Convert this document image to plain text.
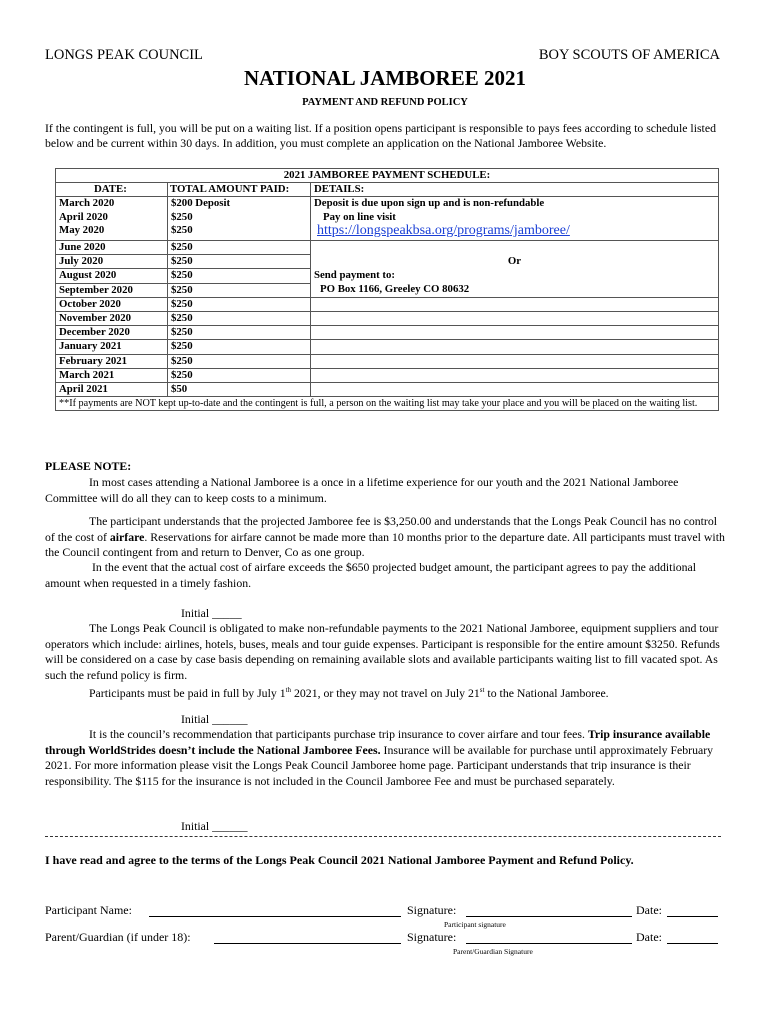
LONGS PEAK COUNCIL	BOY SCOUTS OF AMERICA
NATIONAL JAMBOREE 2021
PAYMENT AND REFUND POLICY
If the contingent is full, you will be put on a waiting list. If a position opens participant is responsible to pays fees according to schedule listed below and be current within 30 days. In addition, you must complete an application on the National Jamboree Website.
2021 JAMBOREE PAYMENT SCHEDULE:		
DATE:	TOTAL AMOUNT PAID:	DETAILS:
March 2020	$200 Deposit	Deposit is due upon sign up and is non-refundable
April 2020	$250	Pay on line visit
May 2020	$250	https://longspeakbsa.org/programs/jamboree/
June 2020	$250	
July 2020	$250	Or
August 2020	$250	Send payment to:
September 2020	$250	PO Box 1166, Greeley CO 80632
October 2020	$250	
November 2020	$250	
December 2020	$250	
January 2021	$250	
February 2021	$250	
March 2021	$250	
April 2021	$50	
**If payments are NOT kept up-to-date and the contingent is full, a person on the waiting list may take your place and you will be placed on the waiting list.		
PLEASE NOTE:
In most cases attending a National Jamboree is a once in a lifetime experience for our youth and the 2021 National Jamboree Committee will do all they can to keep costs to a minimum.
The participant understands that the projected Jamboree fee is $3,250.00 and understands that the Longs Peak Council has no control of the cost of airfare. Reservations for airfare cannot be made more than 10 months prior to the departure date. All participants must travel with the Council contingent from and return to Denver, Co as one group.
In the event that the actual cost of airfare exceeds the $650 projected budget amount, the participant agrees to pay the additional amount when requested in a timely fashion.
Initial _____
The Longs Peak Council is obligated to make non-refundable payments to the 2021 National Jamboree, equipment suppliers and tour operators which include: airlines, hotels, buses, meals and tour guide expenses. Participant is responsible for the entire amount $3250. Refunds will be considered on a case by case basis depending on remaining available slots and available participants waiting list to fill vacated spot. As such the refund policy is firm.
Participants must be paid in full by July 1th 2021, or they may not travel on July 21st to the National Jamboree.
Initial ______
It is the council’s recommendation that participants purchase trip insurance to cover airfare and tour fees. Trip insurance available through WorldStrides doesn’t include the National Jamboree Fees. Insurance will be available for purchase until approximately February 2021. For more information please visit the Longs Peak Council Jamboree home page. Participant understands that trip insurance is their responsibility. The $115 for the insurance is not included in the Council Jamboree Fee and must be purchased separately.
Initial ______
I have read and agree to the terms of the Longs Peak Council 2021 National Jamboree Payment and Refund Policy.
Participant Name:	Signature:	Date:
Participant signature
Parent/Guardian (if under 18):	Signature:	Date:
Parent/Guardian Signature
